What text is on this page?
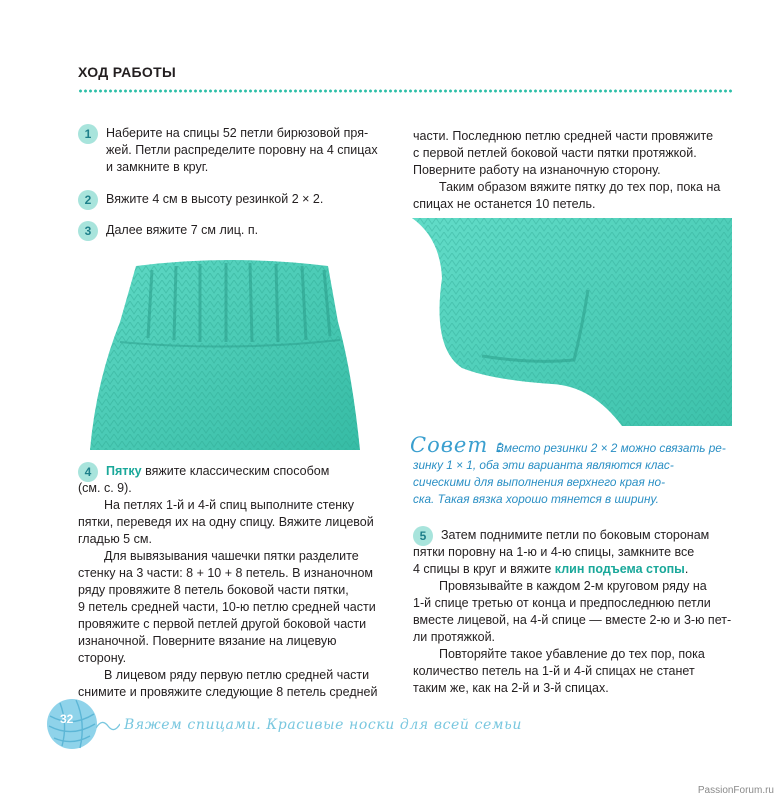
ХОД РАБОТЫ
1	Наберите на спицы 52 петли бирюзовой пря-
жей. Петли распределите поровну на 4 спицах
и замкните в круг.
2	Вяжите 4 см в высоту резинкой 2 × 2.
3	Далее вяжите 7 см лиц. п.
4	Пятку вяжите классическим способом

(см. с. 9).

На петлях 1-й и 4-й спиц выполните стенку

пятки, переведя их на одну спицу. Вяжите лицевой

гладью 5 см.

Для вывязывания чашечки пятки разделите

стенку на 3 части: 8 + 10 + 8 петель. В изнаночном

ряду провяжите 8 петель боковой части пятки,

9 петель средней части, 10-ю петлю средней части

провяжите с первой петлей другой боковой части

изнаночной. Поверните вязание на лицевую

сторону.

В лицевом ряду первую петлю средней части

снимите и провяжите следующие 8 петель средней

части. Последнюю петлю средней части провяжите

с первой петлей боковой части пятки протяжкой.

Поверните работу на изнаночную сторону.

Таким образом вяжите пятку до тех пор, пока на

спицах не останется 10 петель.

Совет :
Вместо резинки 2 × 2 можно связать ре-
зинку 1 × 1, оба эти варианта являются клас-
сическими для выполнения верхнего края но-
ска. Такая вязка хорошо тянется в ширину.
5	Затем поднимите петли по боковым сторонам

пятки поровну на 1-ю и 4-ю спицы, замкните все

4 спицы в круг и вяжите клин подъема стопы.

Провязывайте в каждом 2-м круговом ряду на

1-й спице третью от конца и предпоследнюю петли

вместе лицевой, на 4-й спице — вместе 2-ю и 3-ю пет-

ли протяжкой.

Повторяйте такое убавление до тех пор, пока

количество петель на 1-й и 4-й спицах не станет

таким же, как на 2-й и 3-й спицах.

32	Вяжем спицами. Красивые носки для всей семьи
PassionForum.ru
